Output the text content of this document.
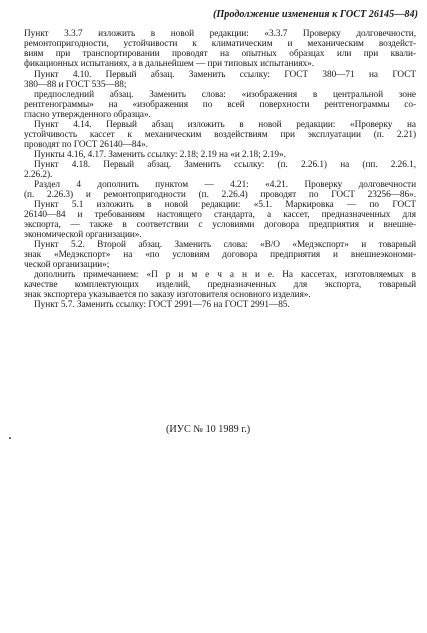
(Продолжение изменения к ГОСТ 26145—84)
Пункт 3.3.7 изложить в новой редакции: «3.3.7 Проверку долговечности,
ремонтопригодности, устойчивости к климатическим и механическим воздейст-
виям при транспортировании проводят на опытных образцах или при квали-
фикационных испытаниях, а в дальнейшем — при типовых испытаниях».
Пункт 4.10. Первый абзац. Заменить ссылку: ГОСТ 380—71 на ГОСТ
380—88 и ГОСТ 535—88;
предпоследний абзац. Заменить слова: «изображения в центральной зоне
рентгенограммы» на «изображения по всей поверхности рентгенограммы со-
гласно утвержденного образца».
Пункт 4.14. Первый абзац изложить в новой редакции: «Проверку на
устойчивость кассет к механическим воздействиям при эксплуатации (п. 2.21)
проводят по ГОСТ 26140—84».
Пункты 4.16, 4.17. Заменить ссылку: 2.18; 2.19 на «и 2.18; 2.19».
Пункт 4.18. Первый абзац. Заменить ссылку: (п. 2.26.1) на (пп. 2.26.1,
2.26.2).
Раздел 4 дополнить пунктом — 4.21: «4.21. Проверку долговечности
(п. 2.26.3) и ремонтопригодности (п. 2.26.4) проводят по ГОСТ 23256—86».
Пункт 5.1 изложить в новой редакции: «5.1. Маркировка — по ГОСТ
26140—84 и требованиям настоящего стандарта, а кассет, предназначенных для
экспорта, — также в соответствии с условиями договора предприятия и внешне-
экономической организации».
Пункт 5.2. Второй абзац. Заменить слова: «В/О «Медэкспорт» и товарный
знак «Медэкспорт» на «по условиям договора предприятия и внешнеэкономи-
ческой организации»;
дополнить примечанием: «П р и м е ч а н и е. На кассетах, изготовляемых в
качестве комплектующих изделий, предназначенных для экспорта, товарный
знак экспортера указывается по заказу изготовителя основного изделия».
Пункт 5.7. Заменить ссылку: ГОСТ 2991—76 на ГОСТ 2991—85.
(ИУС № 10 1989 г.)
